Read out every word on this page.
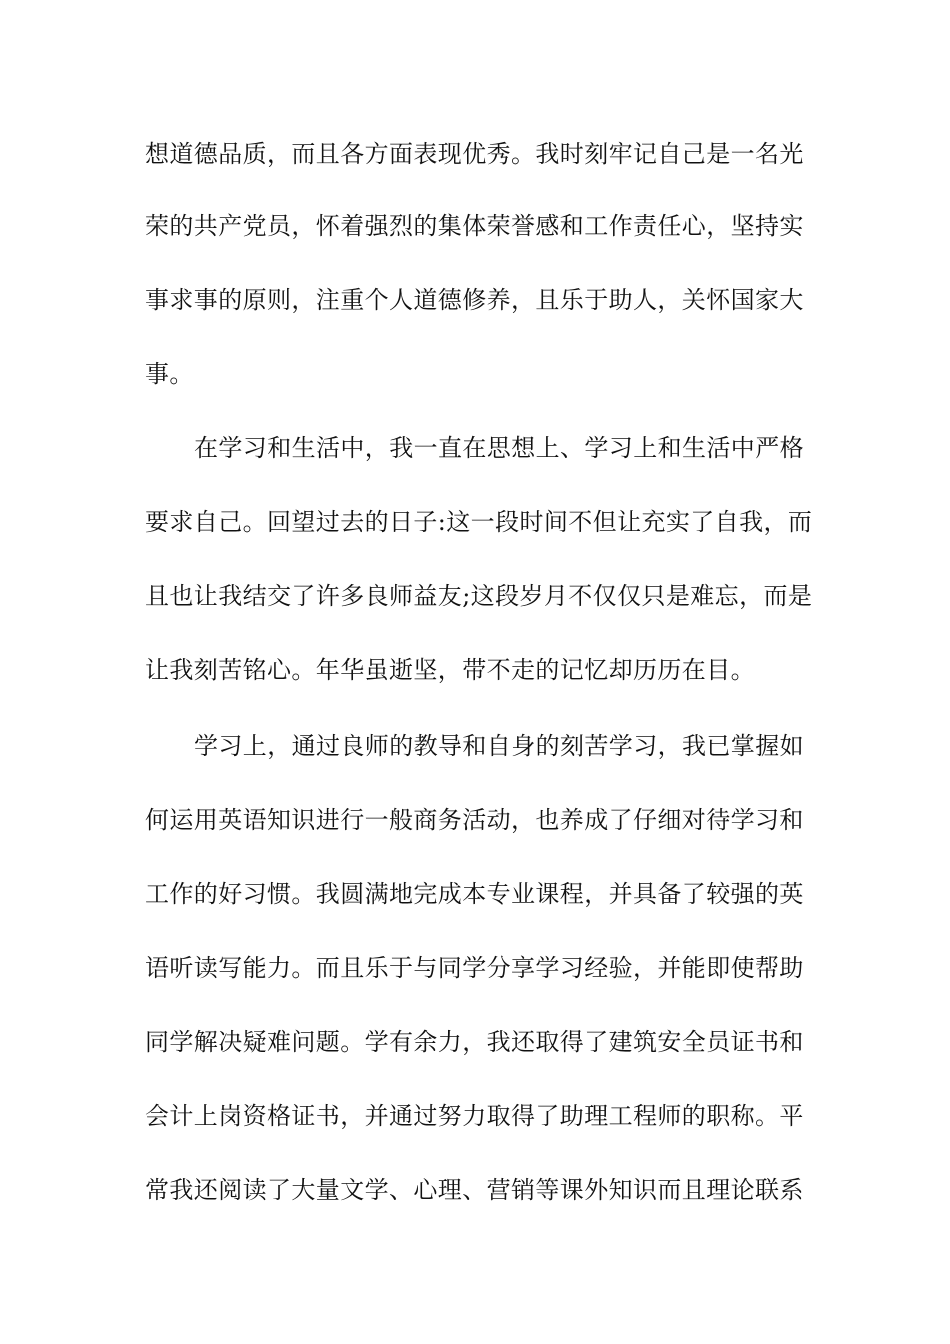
想道德品质，而且各方面表现优秀。我时刻牢记自己是一名光
荣的共产党员，怀着强烈的集体荣誉感和工作责任心，坚持实
事求事的原则，注重个人道德修养，且乐于助人，关怀国家大
事。
在学习和生活中，我一直在思想上、学习上和生活中严格
要求自己。回望过去的日子:这一段时间不但让充实了自我，而
且也让我结交了许多良师益友;这段岁月不仅仅只是难忘，而是
让我刻苦铭心。年华虽逝坚，带不走的记忆却历历在目。
学习上，通过良师的教导和自身的刻苦学习，我已掌握如
何运用英语知识进行一般商务活动，也养成了仔细对待学习和
工作的好习惯。我圆满地完成本专业课程，并具备了较强的英
语听读写能力。而且乐于与同学分享学习经验，并能即使帮助
同学解决疑难问题。学有余力，我还取得了建筑安全员证书和
会计上岗资格证书，并通过努力取得了助理工程师的职称。平
常我还阅读了大量文学、心理、营销等课外知识而且理论联系
